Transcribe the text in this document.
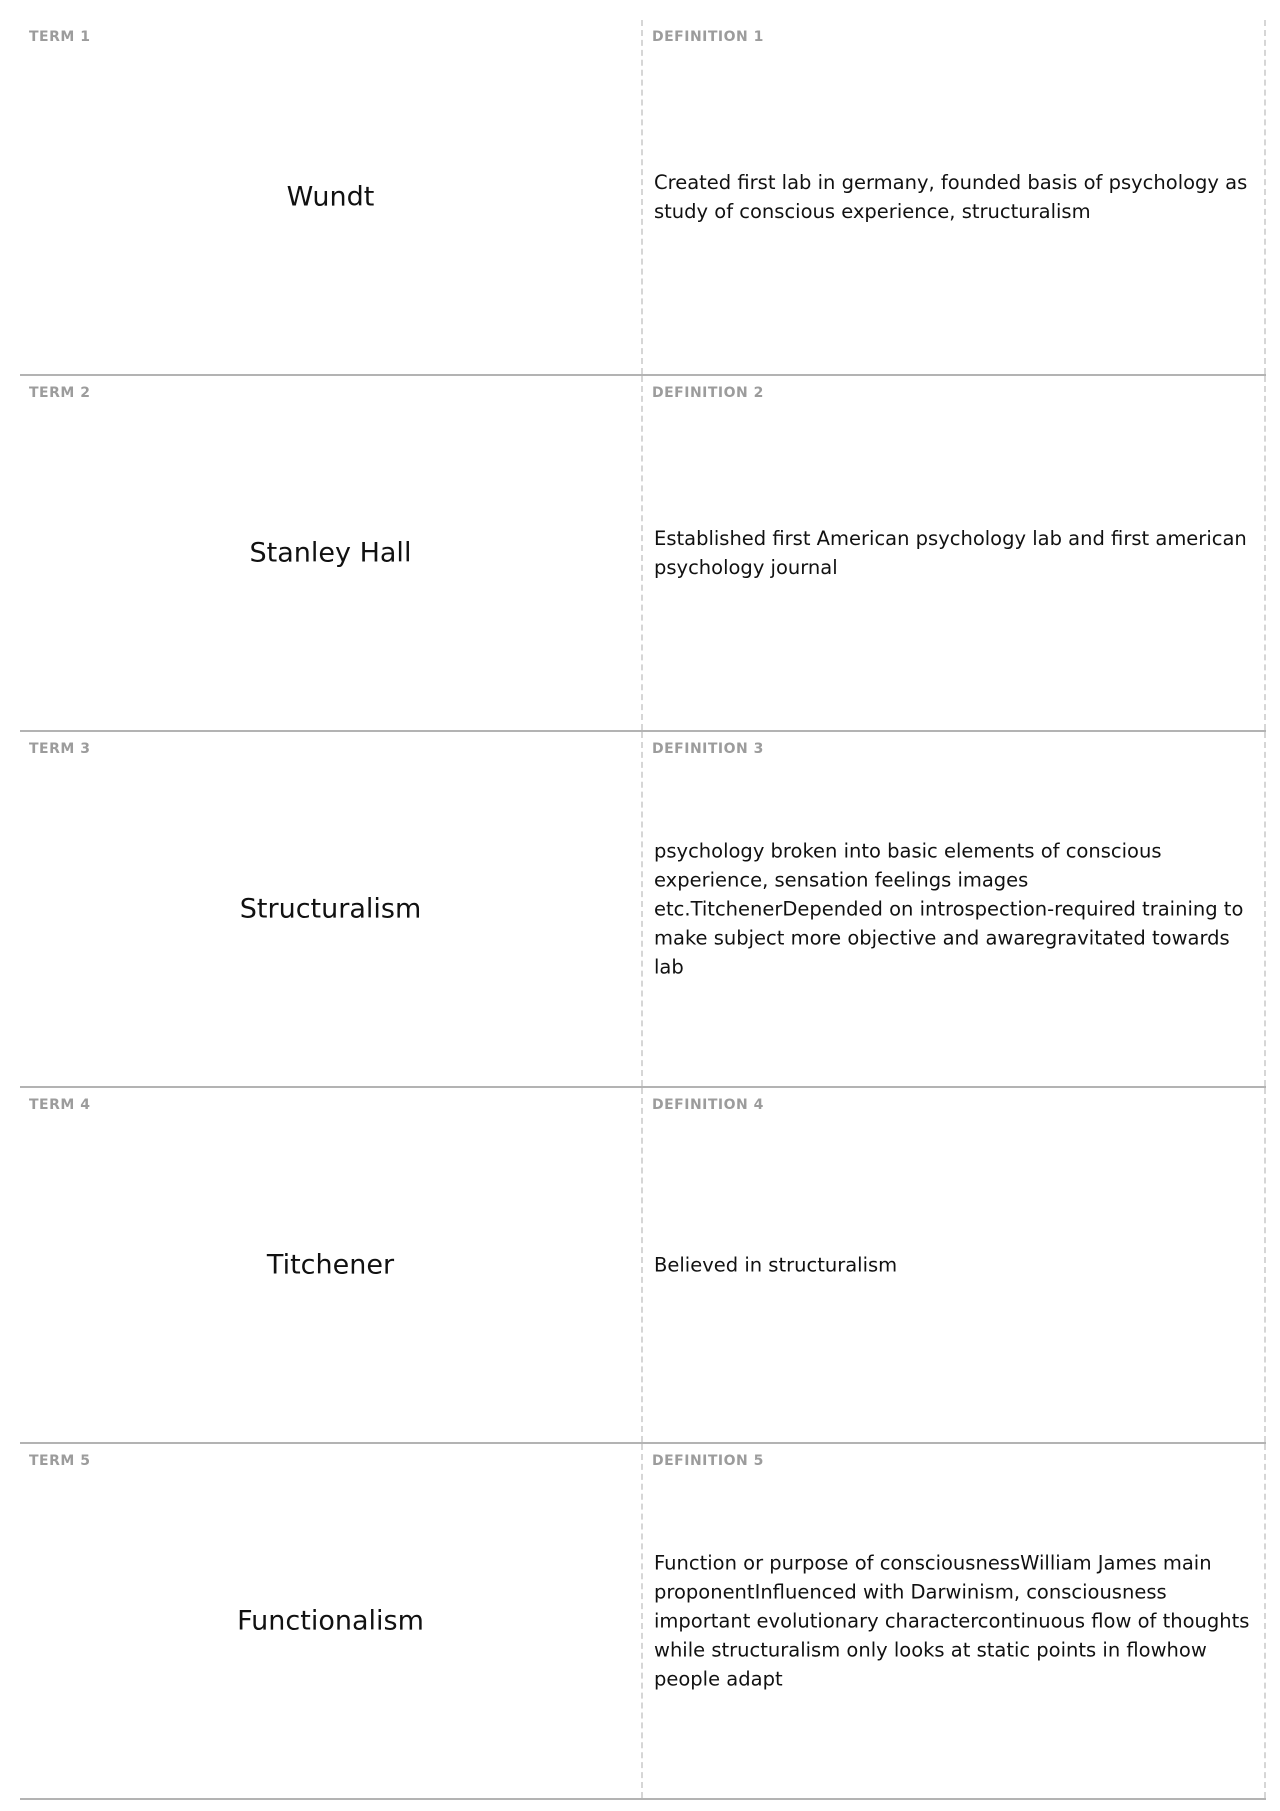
TERM 1
Wundt
DEFINITION 1
Created first lab in germany, founded basis of psychology as study of conscious experience, structuralism
TERM 2
Stanley Hall
DEFINITION 2
Established first American psychology lab and first american psychology journal
TERM 3
Structuralism
DEFINITION 3
psychology broken into basic elements of conscious experience, sensation feelings images etc.TitchenerDepended on introspection-required training to make subject more objective and awaregravitated towards lab
TERM 4
Titchener
DEFINITION 4
Believed in structuralism
TERM 5
Functionalism
DEFINITION 5
Function or purpose of consciousnessWilliam James main proponentInfluenced with Darwinism, consciousness important evolutionary charactercontinuous flow of thoughts while structuralism only looks at static points in flowhow people adapt
